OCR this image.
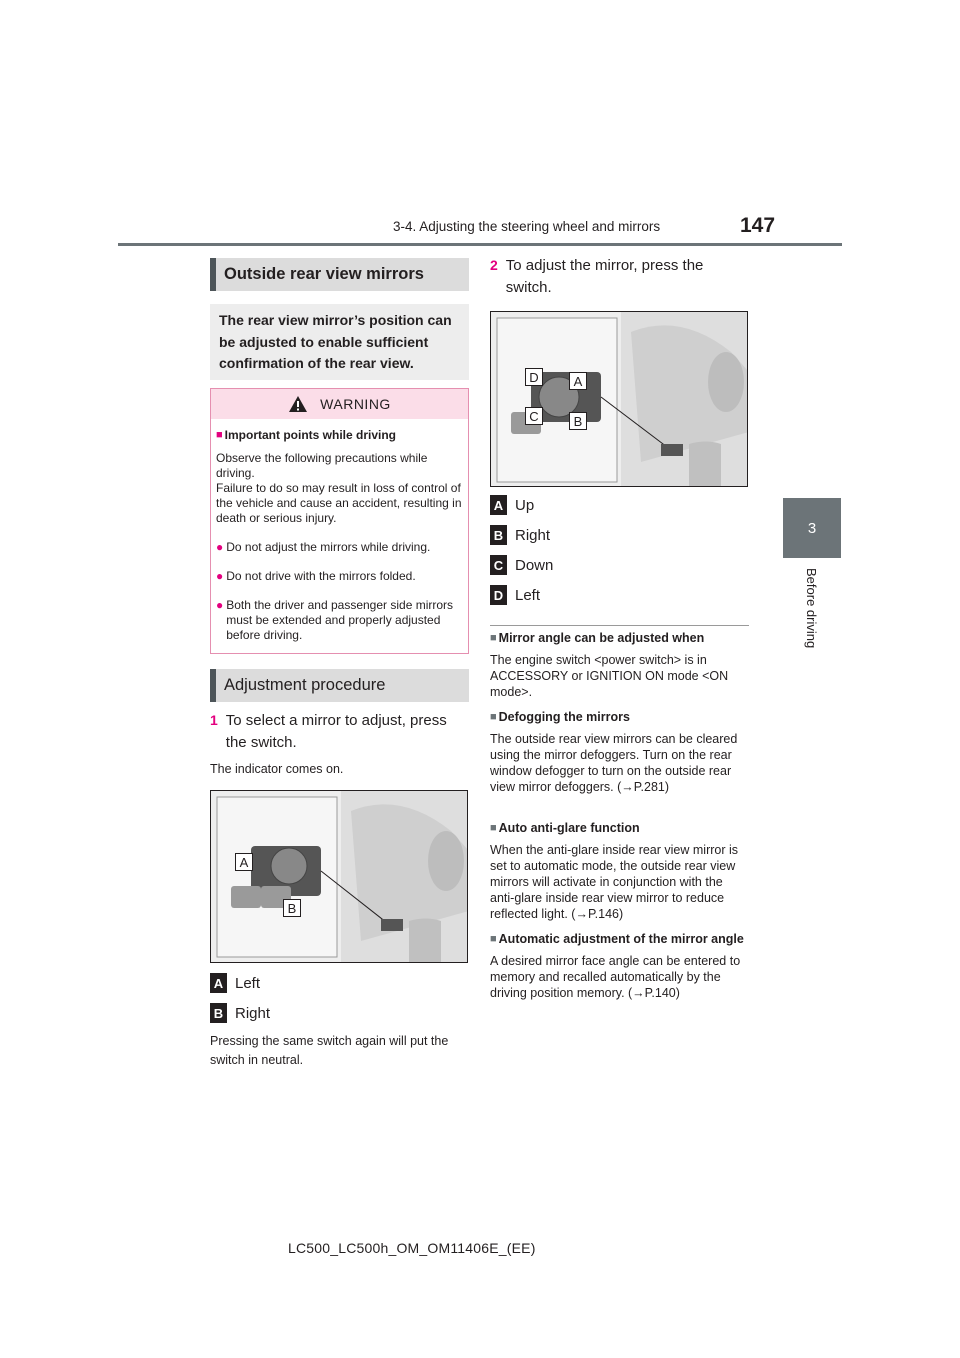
3-4. Adjusting the steering wheel and mirrors	147
3
Before driving
Outside rear view mirrors
The rear view mirror’s position can be adjusted to enable sufficient confirmation of the rear view.
WARNING
■ Important points while driving
Observe the following precautions while driving.
Failure to do so may result in loss of control of the vehicle and cause an accident, resulting in death or serious injury.
● Do not adjust the mirrors while driving.
● Do not drive with the mirrors folded.
● Both the driver and passenger side mirrors must be extended and properly adjusted before driving.
Adjustment procedure
1 To select a mirror to adjust, press the switch.
The indicator comes on.
A
B
A Left
B Right
Pressing the same switch again will put the switch in neutral.
2 To adjust the mirror, press the switch.
D	A
C	B
A Up
B Right
C Down
D Left
■ Mirror angle can be adjusted when
The engine switch <power switch> is in ACCESSORY or IGNITION ON mode <ON mode>.
■ Defogging the mirrors
The outside rear view mirrors can be cleared using the mirror defoggers. Turn on the rear window defogger to turn on the outside rear view mirror defoggers. (→P.281)
■ Auto anti-glare function
When the anti-glare inside rear view mirror is set to automatic mode, the outside rear view mirrors will activate in conjunction with the anti-glare inside rear view mirror to reduce reflected light. (→P.146)
■ Automatic adjustment of the mirror angle
A desired mirror face angle can be entered to memory and recalled automatically by the driving position memory. (→P.140)
LC500_LC500h_OM_OM11406E_(EE)
